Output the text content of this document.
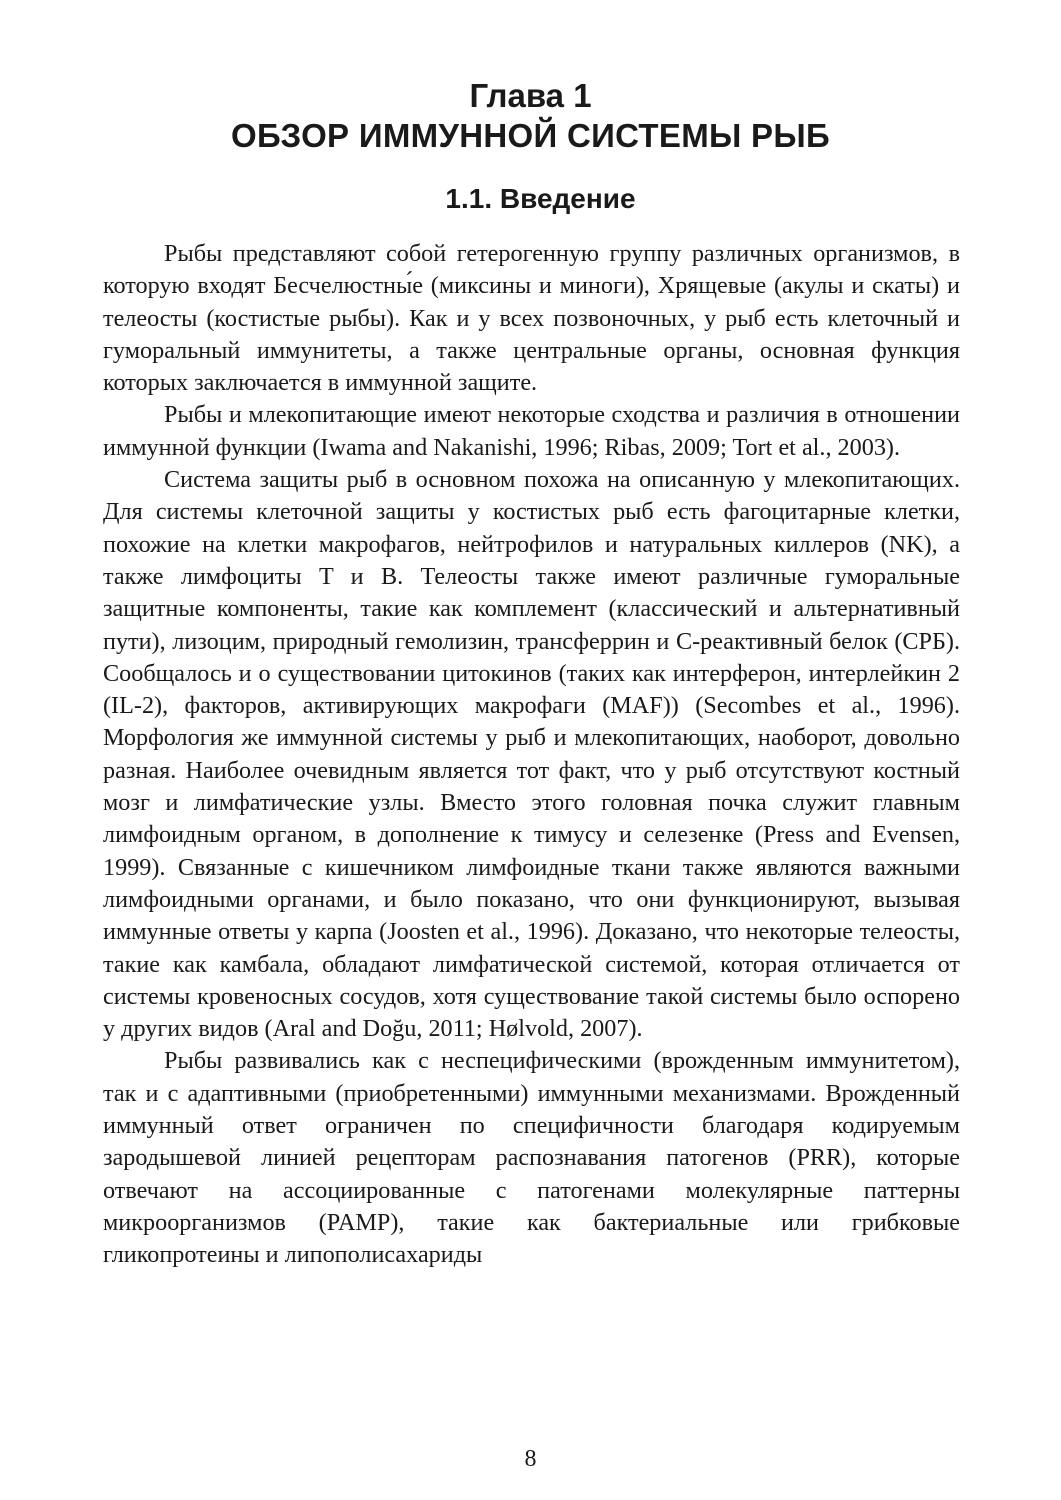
Глава 1
ОБЗОР ИММУННОЙ СИСТЕМЫ РЫБ
1.1. Введение

Рыбы представляют собой гетерогенную группу различных организмов, в которую входят Бесчелюстны́е (миксины и миноги), Хрящевые (акулы и скаты) и телеосты (костистые рыбы). Как и у всех позвоночных, у рыб есть клеточный и гуморальный иммунитеты, а также центральные органы, основная функция которых заключается в иммунной защите.

Рыбы и млекопитающие имеют некоторые сходства и различия в отношении иммунной функции (Iwama and Nakanishi, 1996; Ribas, 2009; Tort et al., 2003).

Система защиты рыб в основном похожа на описанную у млекопитающих. Для системы клеточной защиты у костистых рыб есть фагоцитарные клетки, похожие на клетки макрофагов, нейтрофилов и натуральных киллеров (NK), а также лимфоциты T и B. Телеосты также имеют различные гуморальные защитные компоненты, такие как комплемент (классический и альтернативный пути), лизоцим, природный гемолизин, трансферрин и C-реактивный белок (CРБ). Сообщалось и о существовании цитокинов (таких как интерферон, интерлейкин 2 (IL-2), факторов, активирующих макрофаги (MAF)) (Secombes et al., 1996). Морфология же иммунной системы у рыб и млекопитающих, наоборот, довольно разная. Наиболее очевидным является тот факт, что у рыб отсутствуют костный мозг и лимфатические узлы. Вместо этого головная почка служит главным лимфоидным органом, в дополнение к тимусу и селезенке (Press and Evensen, 1999). Связанные с кишечником лимфоидные ткани также являются важными лимфоидными органами, и было показано, что они функционируют, вызывая иммунные ответы у карпа (Joosten et al., 1996). Доказано, что некоторые телеосты, такие как камбала, обладают лимфатической системой, которая отличается от системы кровеносных сосудов, хотя существование такой системы было оспорено у других видов (Aral and Doğu, 2011; Hølvold, 2007).

Рыбы развивались как с неспецифическими (врожденным иммунитетом), так и с адаптивными (приобретенными) иммунными механизмами. Врожденный иммунный ответ ограничен по специфичности благодаря кодируемым зародышевой линией рецепторам распознавания патогенов (PRR), которые отвечают на ассоциированные с патогенами молекулярные паттерны микроорганизмов (PAMP), такие как бактериальные или грибковые гликопротеины и липополисахариды

8
